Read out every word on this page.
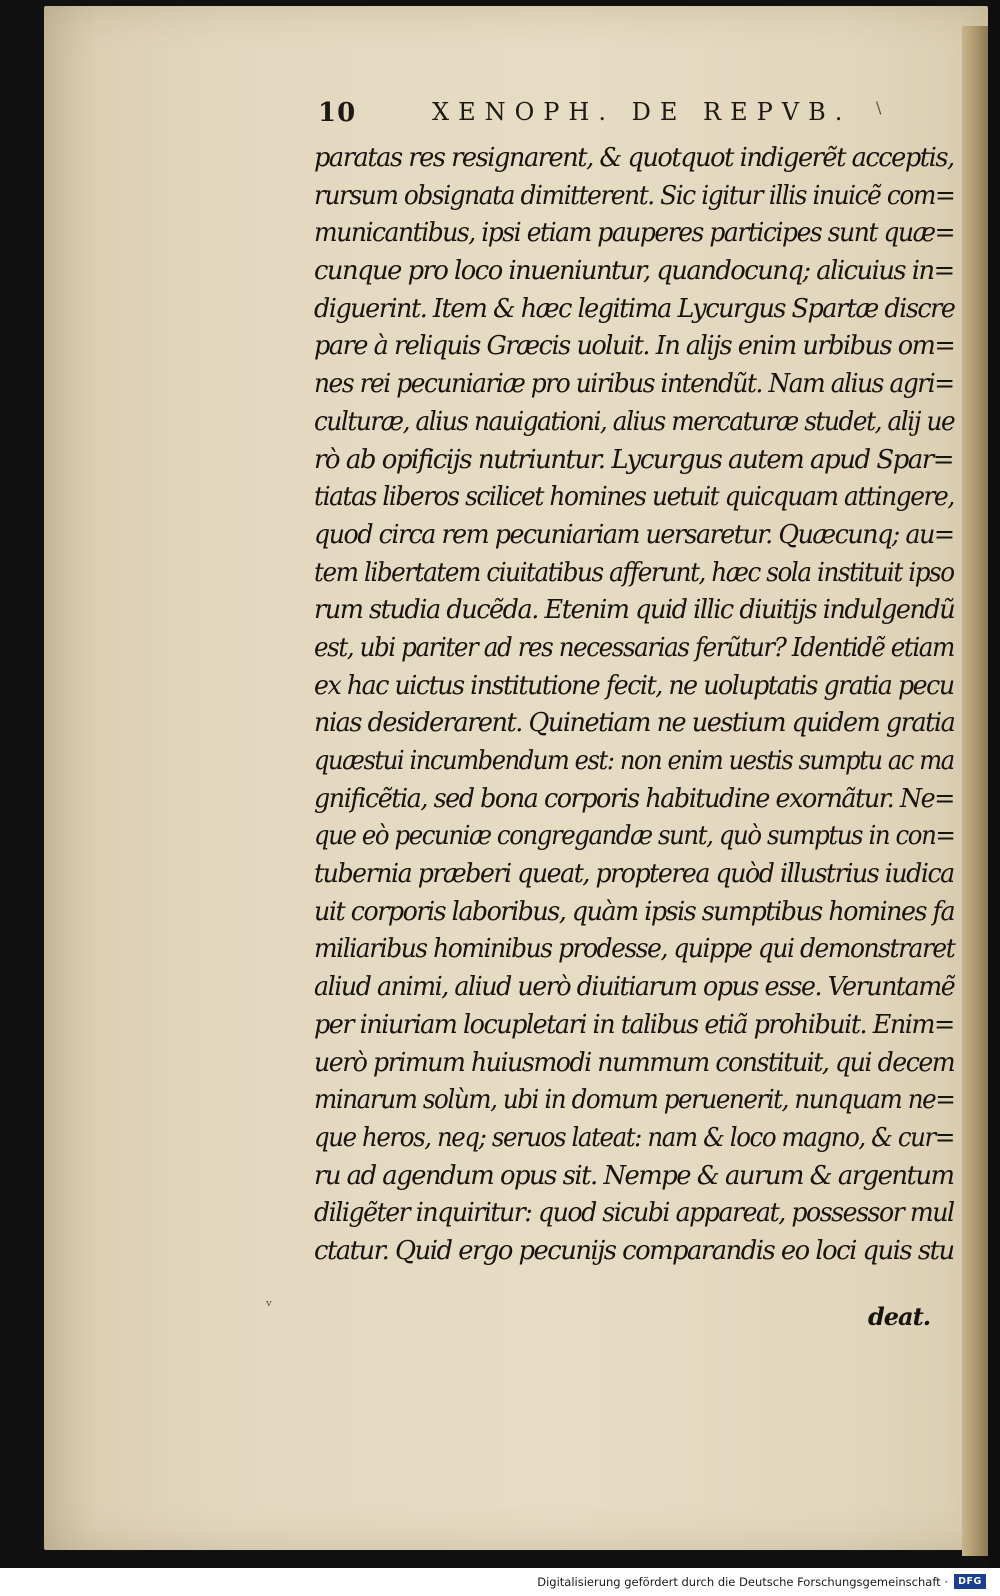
10	XENOPH. DE REPVB. \
paratas res resignarent, & quotquot indigerẽt acceptis,
rursum obsignata dimitterent. Sic igitur illis inuicẽ com=
municantibus, ipsi etiam pauperes participes sunt quæ=
cunque pro loco inueniuntur, quandocunq; alicuius in=
diguerint. Item & hæc legitima Lycurgus Spartæ discre
pare à reliquis Græcis uoluit. In alijs enim urbibus om=
nes rei pecuniariæ pro uiribus intendũt. Nam alius agri=
culturæ, alius nauigationi, alius mercaturæ studet, alij ue
rò ab opificijs nutriuntur. Lycurgus autem apud Spar=
tiatas liberos scilicet homines uetuit quicquam attingere,
quod circa rem pecuniariam uersaretur. Quæcunq; au=
tem libertatem ciuitatibus afferunt, hæc sola instituit ipso
rum studia ducẽda. Etenim quid illic diuitijs indulgendũ
est, ubi pariter ad res necessarias ferũtur? Identidẽ etiam
ex hac uictus institutione fecit, ne uoluptatis gratia pecu
nias desiderarent. Quinetiam ne uestium quidem gratia
quæstui incumbendum est: non enim uestis sumptu ac ma
gnificẽtia, sed bona corporis habitudine exornãtur. Ne=
que eò pecuniæ congregandæ sunt, quò sumptus in con=
tubernia præberi queat, propterea quòd illustrius iudica
uit corporis laboribus, quàm ipsis sumptibus homines fa
miliaribus hominibus prodesse, quippe qui demonstraret
aliud animi, aliud uerò diuitiarum opus esse. Veruntamẽ
per iniuriam locupletari in talibus etiã prohibuit. Enim=
uerò primum huiusmodi nummum constituit, qui decem
minarum solùm, ubi in domum peruenerit, nunquam ne=
que heros, neq; seruos lateat: nam & loco magno, & cur=
ru ad agendum opus sit. Nempe & aurum & argentum
diligẽter inquiritur: quod sicubi appareat, possessor mul
ctatur. Quid ergo pecunijs comparandis eo loci quis stu
ᵛ	deat.
Digitalisierung gefördert durch die Deutsche Forschungsgemeinschaft ·	DFG
